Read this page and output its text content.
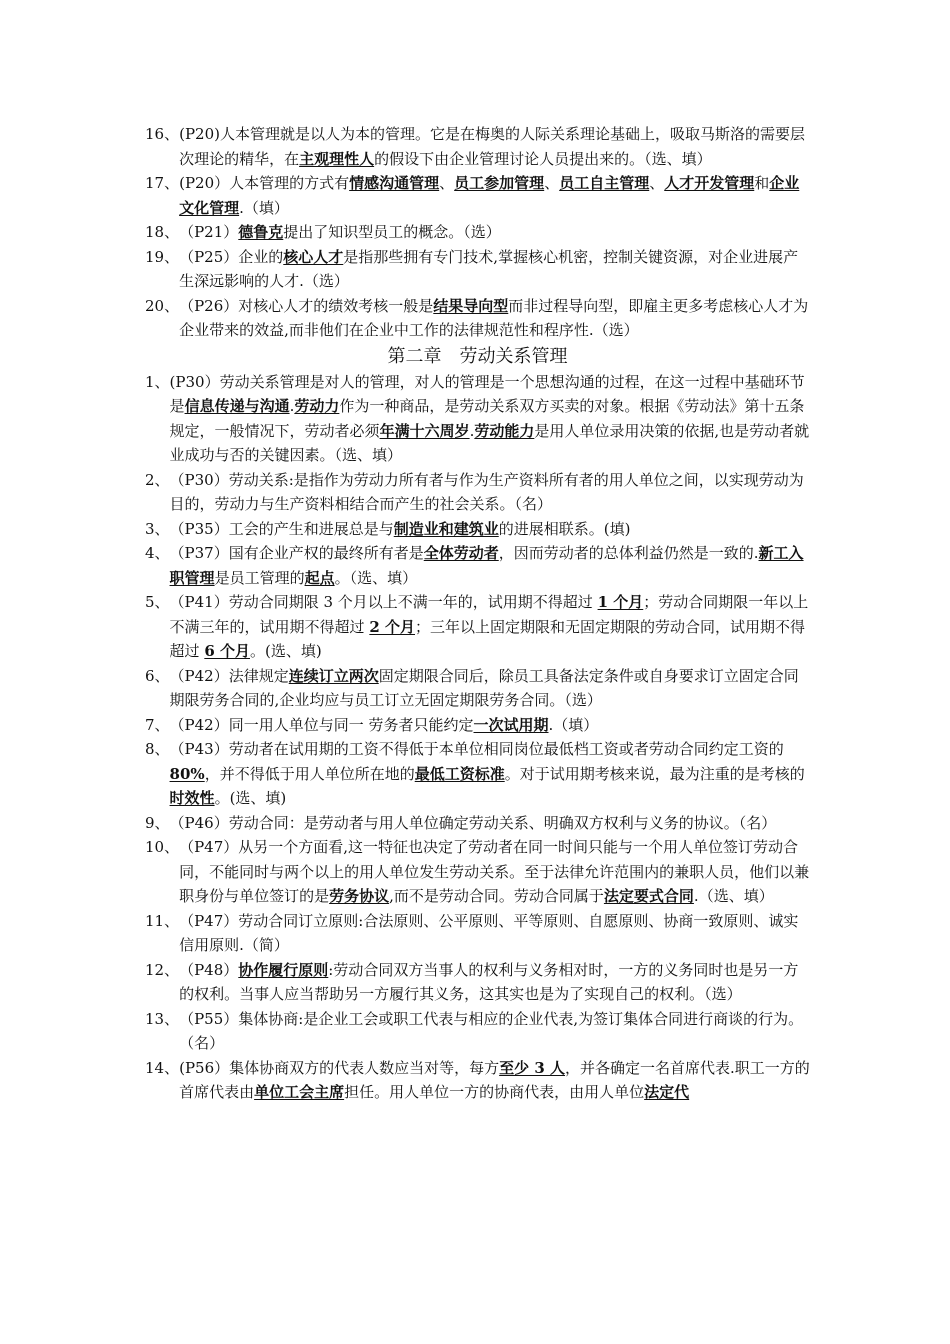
16、 (P20)人本管理就是以人为本的管理。它是在梅奥的人际关系理论基础上，吸取马斯洛的需要层次理论的精华，在主观理性人的假设下由企业管理讨论人员提出来的。（选、填）
17、 (P20）人本管理的方式有情感沟通管理、员工参加管理、员工自主管理、人才开发管理和企业文化管理.（填）
18、 （P21）德鲁克提出了知识型员工的概念。（选）
19、 （P25）企业的核心人才是指那些拥有专门技术,掌握核心机密，控制关键资源，对企业进展产生深远影响的人才.（选）
20、 （P26）对核心人才的绩效考核一般是结果导向型而非过程导向型，即雇主更多考虑核心人才为企业带来的效益,而非他们在企业中工作的法律规范性和程序性.（选）
第二章　劳动关系管理
1、 (P30）劳动关系管理是对人的管理，对人的管理是一个思想沟通的过程，在这一过程中基础环节是信息传递与沟通.劳动力作为一种商品，是劳动关系双方买卖的对象。根据《劳动法》第十五条规定，一般情况下，劳动者必须年满十六周岁.劳动能力是用人单位录用决策的依据,也是劳动者就业成功与否的关键因素。（选、填）
2、 （P30）劳动关系:是指作为劳动力所有者与作为生产资料所有者的用人单位之间，以实现劳动为目的，劳动力与生产资料相结合而产生的社会关系。（名）
3、 （P35）工会的产生和进展总是与制造业和建筑业的进展相联系。(填)
4、 （P37）国有企业产权的最终所有者是全体劳动者，因而劳动者的总体利益仍然是一致的.新工入职管理是员工管理的起点。（选、填）
5、 （P41）劳动合同期限 3 个月以上不满一年的，试用期不得超过 1 个月；劳动合同期限一年以上不满三年的，试用期不得超过 2 个月；三年以上固定期限和无固定期限的劳动合同，试用期不得超过 6 个月。(选、填)
6、 （P42）法律规定连续订立两次固定期限合同后，除员工具备法定条件或自身要求订立固定合同期限劳务合同的,企业均应与员工订立无固定期限劳务合同。（选）
7、 （P42）同一用人单位与同一 劳务者只能约定一次试用期.（填）
8、 （P43）劳动者在试用期的工资不得低于本单位相同岗位最低档工资或者劳动合同约定工资的 80%，并不得低于用人单位所在地的最低工资标准。对于试用期考核来说，最为注重的是考核的时效性。(选、填)
9、 （P46）劳动合同：是劳动者与用人单位确定劳动关系、明确双方权利与义务的协议。（名）
10、 （P47）从另一个方面看,这一特征也决定了劳动者在同一时间只能与一个用人单位签订劳动合同，不能同时与两个以上的用人单位发生劳动关系。至于法律允许范围内的兼职人员，他们以兼职身份与单位签订的是劳务协议,而不是劳动合同。劳动合同属于法定要式合同.（选、填）
11、 （P47）劳动合同订立原则:合法原则、公平原则、平等原则、自愿原则、协商一致原则、诚实信用原则.（简）
12、 （P48）协作履行原则:劳动合同双方当事人的权利与义务相对时，一方的义务同时也是另一方的权利。当事人应当帮助另一方履行其义务，这其实也是为了实现自己的权利。（选）
13、 （P55）集体协商:是企业工会或职工代表与相应的企业代表,为签订集体合同进行商谈的行为。（名）
14、 (P56）集体协商双方的代表人数应当对等，每方至少 3 人，并各确定一名首席代表.职工一方的首席代表由单位工会主席担任。用人单位一方的协商代表，由用人单位法定代
